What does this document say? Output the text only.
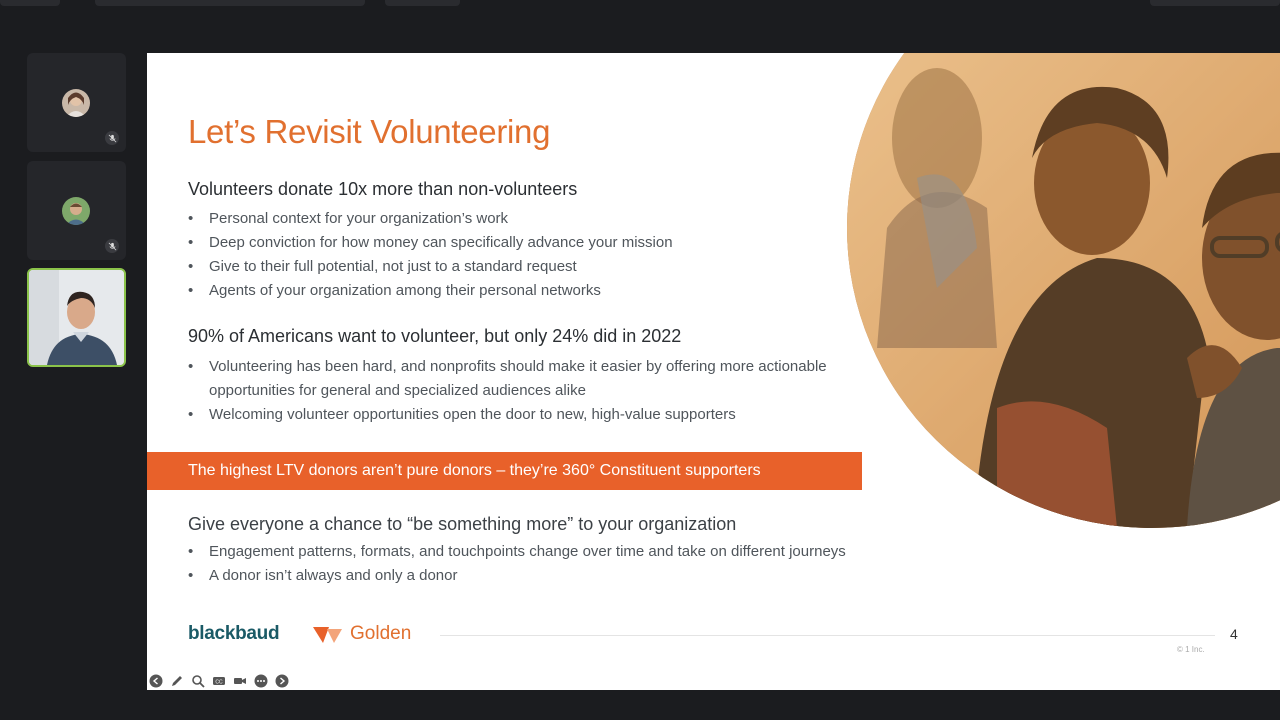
Let’s Revisit Volunteering
Volunteers donate 10x more than non-volunteers
• Personal context for your organization’s work
• Deep conviction for how money can specifically advance your mission
• Give to their full potential, not just to a standard request
• Agents of your organization among their personal networks
90% of Americans want to volunteer, but only 24% did in 2022
• Volunteering has been hard, and nonprofits should make it easier by offering more actionable opportunities for general and specialized audiences alike
• Welcoming volunteer opportunities open the door to new, high-value supporters
The highest LTV donors aren’t pure donors – they’re 360° Constituent supporters
Give everyone a chance to “be something more” to your organization
• Engagement patterns, formats, and touchpoints change over time and take on different journeys
• A donor isn’t always and only a donor
blackbaud	Golden	4
© 1 Inc.
CC
